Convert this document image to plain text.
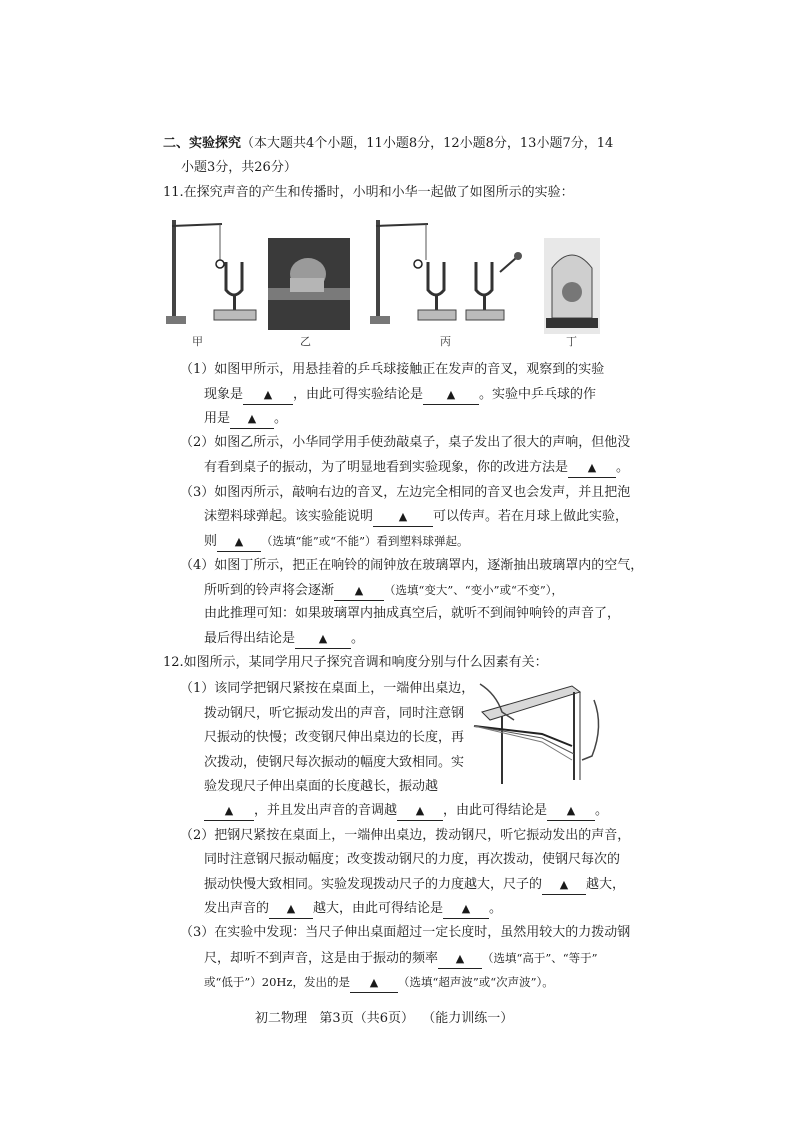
二、实验探究（本大题共4个小题，11小题8分，12小题8分，13小题7分，14
小题3分，共26分）
11.在探究声音的产生和传播时，小明和小华一起做了如图所示的实验：
甲	乙	丙	丁
（1）如图甲所示，用悬挂着的乒乓球接触正在发声的音叉，观察到的实验
现象是 ▲ ，由此可得实验结论是 ▲ 。实验中乒乓球的作
用是 ▲ 。
（2）如图乙所示，小华同学用手使劲敲桌子，桌子发出了很大的声响，但他没
有看到桌子的振动，为了明显地看到实验现象，你的改进方法是 ▲ 。
（3）如图丙所示，敲响右边的音叉，左边完全相同的音叉也会发声，并且把泡
沫塑料球弹起。该实验能说明 ▲ 可以传声。若在月球上做此实验，
则 ▲ （选填“能”或“不能”）看到塑料球弹起。
（4）如图丁所示，把正在响铃的闹钟放在玻璃罩内，逐渐抽出玻璃罩内的空气，
所听到的铃声将会逐渐 ▲ （选填“变大”、“变小”或“不变”），
由此推理可知：如果玻璃罩内抽成真空后，就听不到闹钟响铃的声音了，
最后得出结论是 ▲ 。
12.如图所示，某同学用尺子探究音调和响度分别与什么因素有关：
（1）该同学把钢尺紧按在桌面上，一端伸出桌边，
拨动钢尺，听它振动发出的声音，同时注意钢
尺振动的快慢；改变钢尺伸出桌边的长度，再
次拨动，使钢尺每次振动的幅度大致相同。实
验发现尺子伸出桌面的长度越长，振动越
▲ ，并且发出声音的音调越 ▲ ，由此可得结论是 ▲ 。
（2）把钢尺紧按在桌面上，一端伸出桌边，拨动钢尺，听它振动发出的声音，
同时注意钢尺振动幅度；改变拨动钢尺的力度，再次拨动，使钢尺每次的
振动快慢大致相同。实验发现拨动尺子的力度越大，尺子的 ▲ 越大，
发出声音的 ▲ 越大，由此可得结论是 ▲ 。
（3）在实验中发现：当尺子伸出桌面超过一定长度时，虽然用较大的力拨动钢
尺，却听不到声音，这是由于振动的频率 ▲ （选填“高于”、“等于”
或“低于”）20Hz，发出的是 ▲ （选填“超声波”或“次声波”）。
初二物理 第3页（共6页） （能力训练一）
